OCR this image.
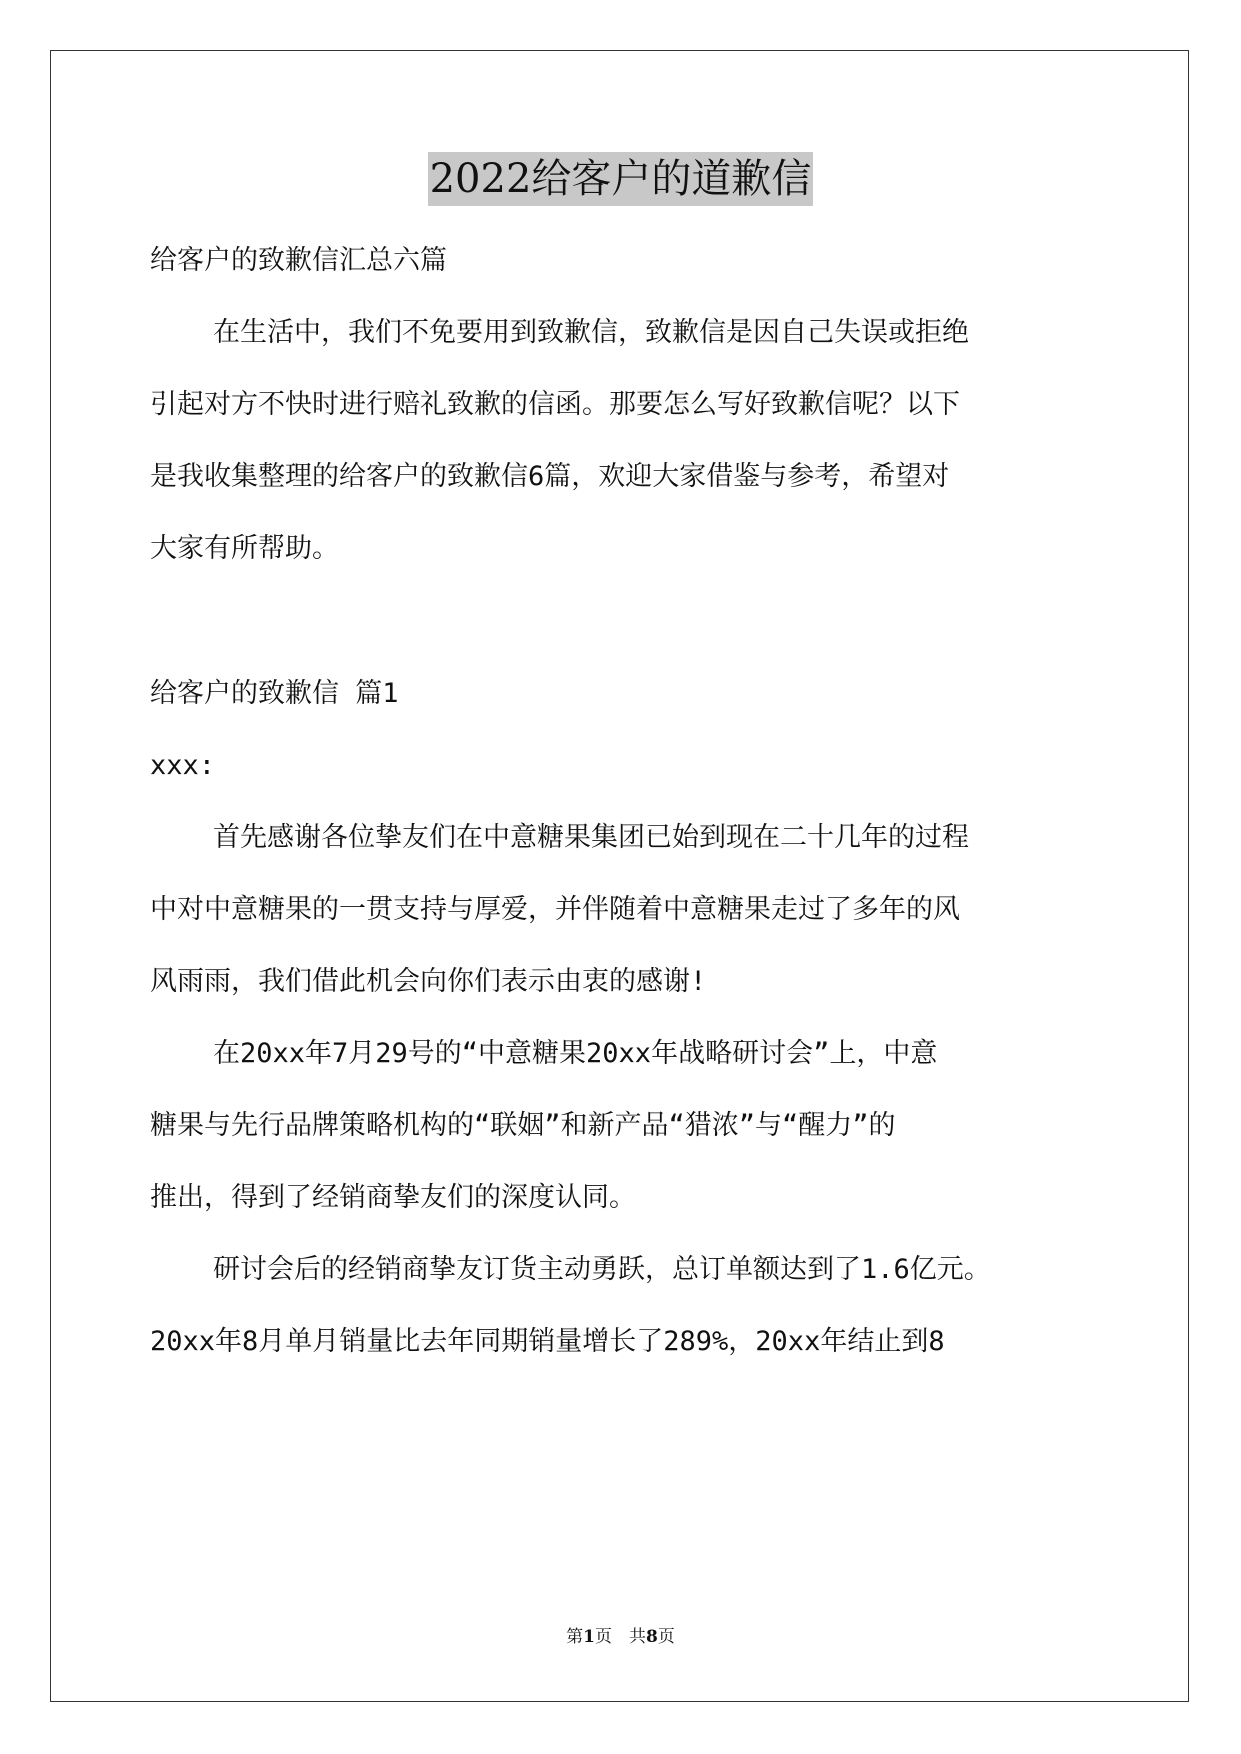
2022给客户的道歉信
给客户的致歉信汇总六篇
在生活中，我们不免要用到致歉信，致歉信是因自己失误或拒绝
引起对方不快时进行赔礼致歉的信函。那要怎么写好致歉信呢？以下
是我收集整理的给客户的致歉信6篇，欢迎大家借鉴与参考，希望对
大家有所帮助。
给客户的致歉信 篇1
xxx:
首先感谢各位挚友们在中意糖果集团已始到现在二十几年的过程
中对中意糖果的一贯支持与厚爱，并伴随着中意糖果走过了多年的风
风雨雨，我们借此机会向你们表示由衷的感谢!
在20xx年7月29号的“中意糖果20xx年战略研讨会”上，中意
糖果与先行品牌策略机构的“联姻”和新产品“猎浓”与“醒力”的
推出，得到了经销商挚友们的深度认同。
研讨会后的经销商挚友订货主动勇跃，总订单额达到了1.6亿元。
20xx年8月单月销量比去年同期销量增长了289%，20xx年结止到8
第1页　共8页
